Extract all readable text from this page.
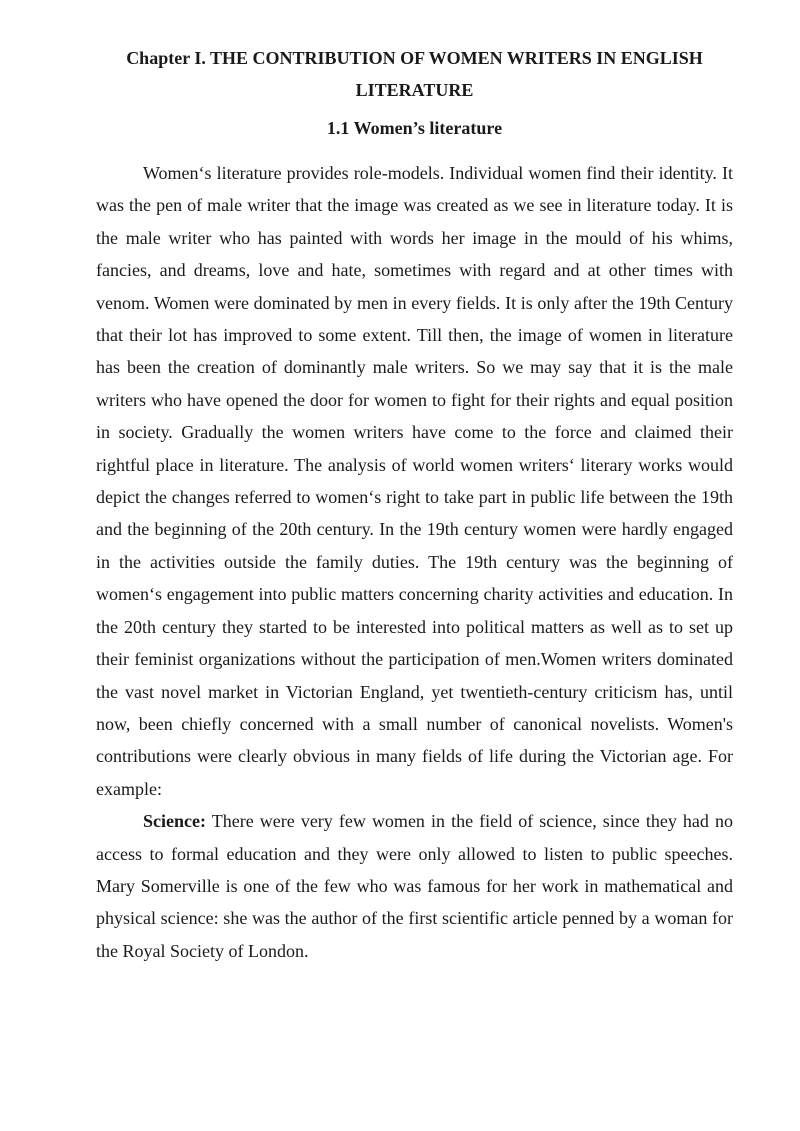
Chapter I. THE CONTRIBUTION OF WOMEN WRITERS IN ENGLISH LITERATURE
1.1 Women’s literature

Women‘s literature provides role-models. Individual women find their identity. It was the pen of male writer that the image was created as we see in literature today. It is the male writer who has painted with words her image in the mould of his whims, fancies, and dreams, love and hate, sometimes with regard and at other times with venom. Women were dominated by men in every fields. It is only after the 19th Century that their lot has improved to some extent. Till then, the image of women in literature has been the creation of dominantly male writers. So we may say that it is the male writers who have opened the door for women to fight for their rights and equal position in society. Gradually the women writers have come to the force and claimed their rightful place in literature. The analysis of world women writers‘ literary works would depict the changes referred to women‘s right to take part in public life between the 19th and the beginning of the 20th century. In the 19th century women were hardly engaged in the activities outside the family duties. The 19th century was the beginning of women‘s engagement into public matters concerning charity activities and education. In the 20th century they started to be interested into political matters as well as to set up their feminist organizations without the participation of men.Women writers dominated the vast novel market in Victorian England, yet twentieth-century criticism has, until now, been chiefly concerned with a small number of canonical novelists. Women's contributions were clearly obvious in many fields of life during the Victorian age. For example:

Science: There were very few women in the field of science, since they had no access to formal education and they were only allowed to listen to public speeches. Mary Somerville is one of the few who was famous for her work in mathematical and physical science: she was the author of the first scientific article penned by a woman for the Royal Society of London.
